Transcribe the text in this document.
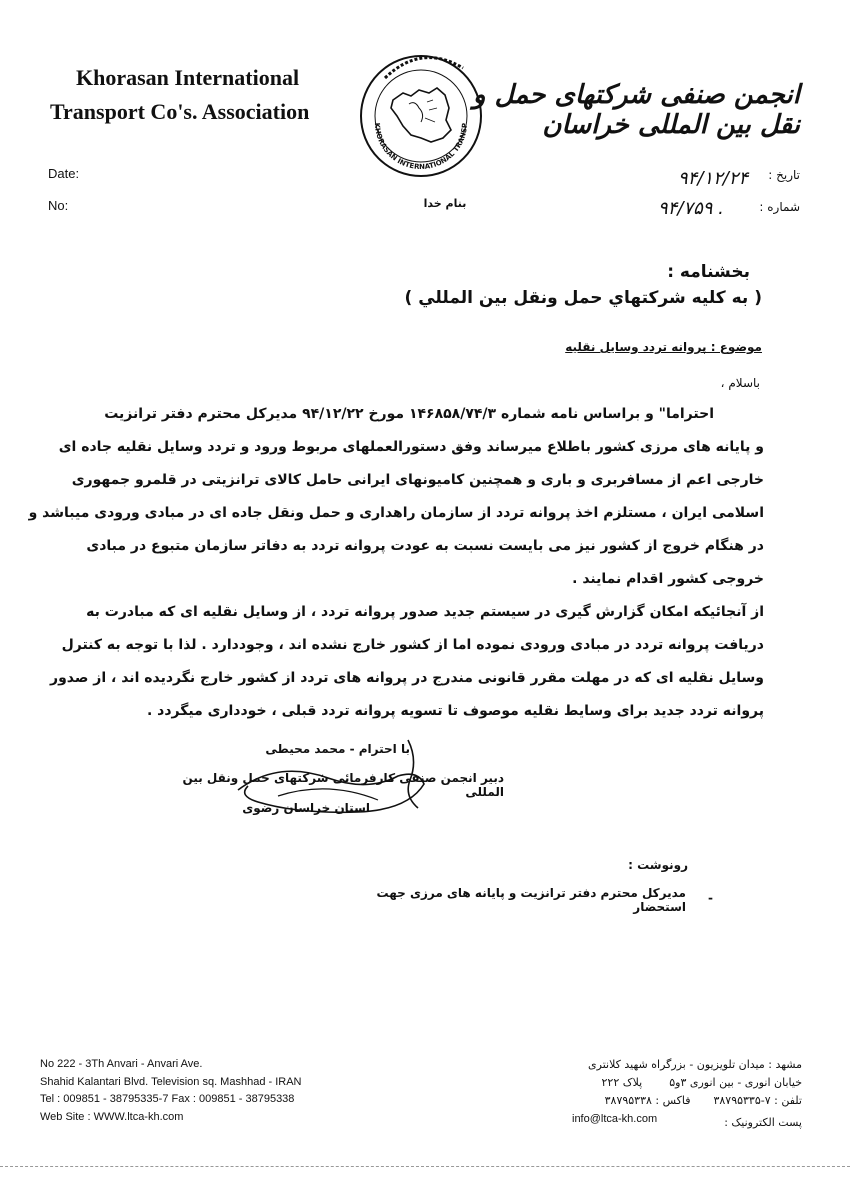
Khorasan International
Transport Co's. Association
KHORASAN INTERNATIONAL TRANSP
انجمن صنفی شرکتهای حمل و نقل بین المللی خراسان
Date:
No:
تاریخ :
شماره :
۹۴/۱۲/۲۴
۹۴/۷۵۹ .
بنام خدا
بخشنامه :
( به كليه شركتهاي حمل ونقل بين المللي )
موضوع : پروانه تردد وسایل نقلیه
باسلام ،
احتراما" و براساس نامه شماره ۱۴۶۸۵۸/۷۴/۳ مورخ ۹۴/۱۲/۲۲ مدیرکل محترم دفتر ترانزیت
و پایانه های مرزی کشور باطلاع میرساند وفق دستورالعملهای مربوط ورود و تردد وسایل نقلیه جاده ای
خارجی اعم از مسافربری و باری و همچنین کامیونهای ایرانی حامل کالای ترانزیتی در قلمرو جمهوری
اسلامی ایران ، مستلزم اخذ پروانه تردد از سازمان راهداری و حمل ونقل جاده ای در مبادی ورودی میباشد و
در هنگام خروج از کشور نیز می بایست نسبت به عودت پروانه تردد به دفاتر سازمان متبوع در مبادی
خروجی کشور اقدام نمایند .
از آنجائیکه امکان گزارش گیری در سیستم جدید صدور پروانه تردد ، از وسایل نقلیه ای که مبادرت به
دریافت پروانه تردد در مبادی ورودی نموده اما از کشور خارج نشده اند ، وجوددارد . لذا با توجه به کنترل
وسایل نقلیه ای که در مهلت مقرر قانونی مندرج در پروانه های تردد از کشور خارج نگردیده اند ، از صدور
پروانه تردد جدید برای وسایط نقلیه موصوف تا تسویه پروانه تردد قبلی ، خودداری میگردد .
با احترام - محمد محیطی
دبیر انجمن صنفی کارفرمائی شرکتهای حمل ونقل بین المللی
استان خراسان رضوی
رونوشت :
مدیرکل محترم دفتر ترانزیت و پایانه های مرزی جهت استحضار
-
No 222 - 3Th Anvari - Anvari Ave.
Shahid Kalantari Blvd. Television sq. Mashhad - IRAN
Tel : 009851 - 38795335-7 Fax : 009851 - 38795338
Web Site : WWW.ltca-kh.com
مشهد : میدان تلویزیون - بزرگراه شهید کلانتری
خیابان انوری - بین انوری ۳و۵  پلاک ۲۲۲
تلفن : ۷-۳۸۷۹۵۳۳۵  فاکس : ۳۸۷۹۵۳۳۸
info@ltca-kh.com	پست الکترونیک :
